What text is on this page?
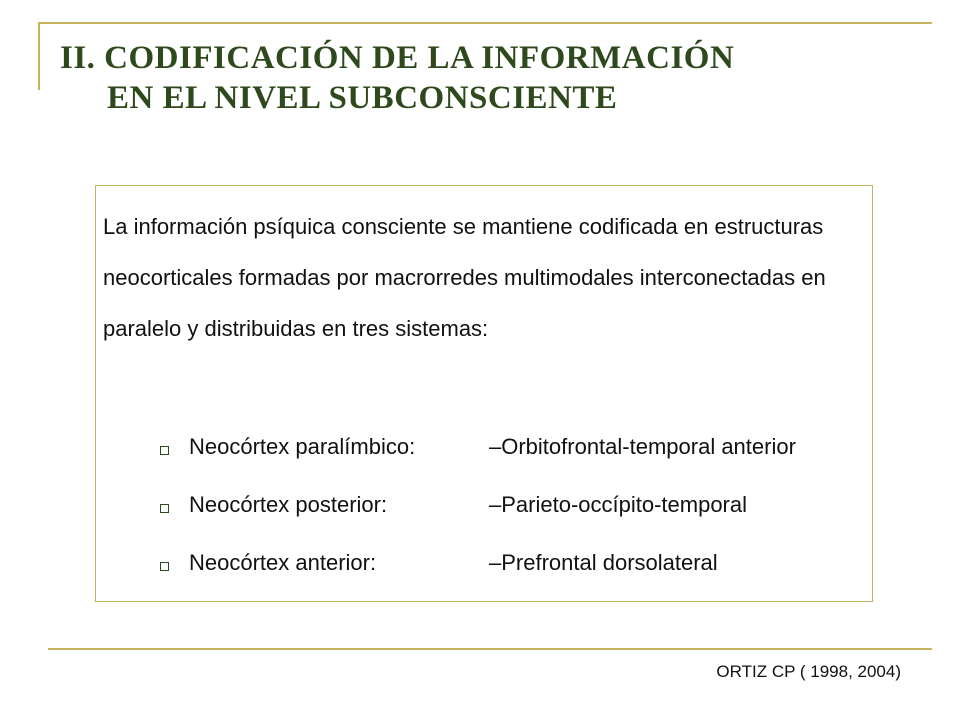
II. CODIFICACIÓN DE LA INFORMACIÓN
EN EL NIVEL SUBCONSCIENTE

La información psíquica consciente se mantiene codificada en estructuras neocorticales formadas por macrorredes multimodales interconectadas en paralelo y distribuidas en tres sistemas:

Neocórtex paralímbico:	–Orbitofrontal-temporal anterior
Neocórtex posterior:	–Parieto-occípito-temporal
Neocórtex anterior:	–Prefrontal dorsolateral

ORTIZ CP ( 1998, 2004)
